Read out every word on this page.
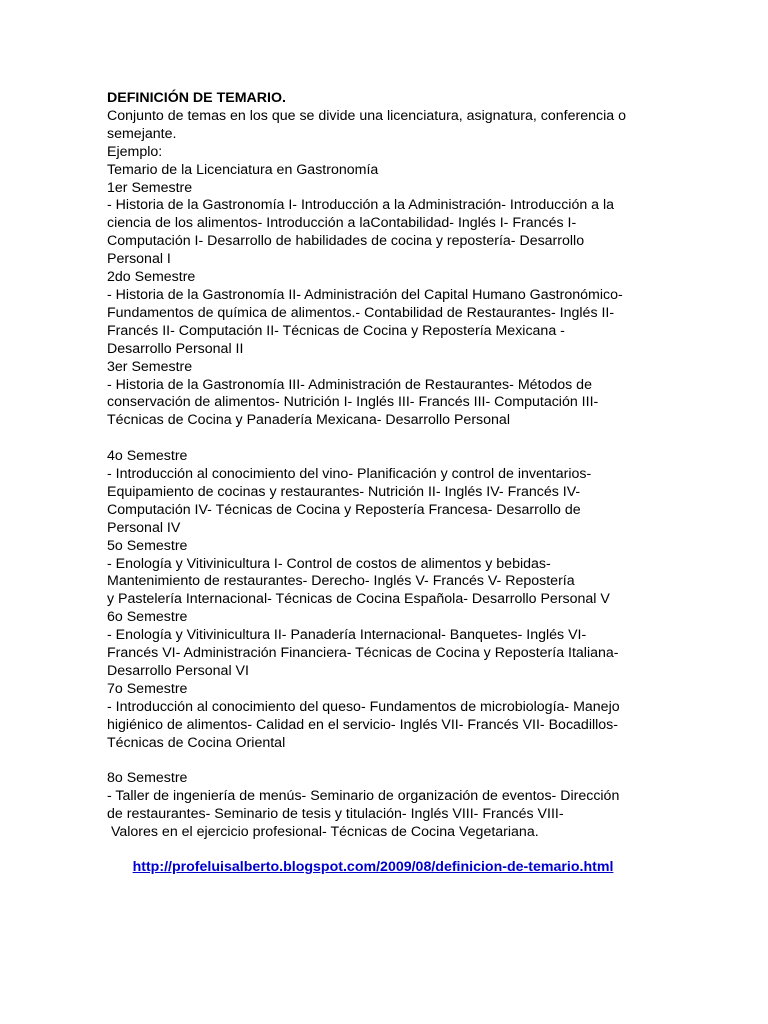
DEFINICIÓN DE TEMARIO.
Conjunto de temas en los que se divide una licenciatura, asignatura, conferencia o
semejante.
Ejemplo:
Temario de la Licenciatura en Gastronomía
1er Semestre
- Historia de la Gastronomía I- Introducción a la Administración- Introducción a la
ciencia de los alimentos- Introducción a laContabilidad- Inglés I- Francés I-
Computación I- Desarrollo de habilidades de cocina y repostería- Desarrollo
Personal I
2do Semestre
- Historia de la Gastronomía II- Administración del Capital Humano Gastronómico-
Fundamentos de química de alimentos.- Contabilidad de Restaurantes- Inglés II-
Francés II- Computación II- Técnicas de Cocina y Repostería Mexicana -
Desarrollo Personal II
3er Semestre
- Historia de la Gastronomía III- Administración de Restaurantes- Métodos de
conservación de alimentos- Nutrición I- Inglés III- Francés III- Computación III-
Técnicas de Cocina y Panadería Mexicana- Desarrollo Personal
4o Semestre
- Introducción al conocimiento del vino- Planificación y control de inventarios-
Equipamiento de cocinas y restaurantes- Nutrición II- Inglés IV- Francés IV-
Computación IV- Técnicas de Cocina y Repostería Francesa- Desarrollo de
Personal IV
5o Semestre
- Enología y Vitivinicultura I- Control de costos de alimentos y bebidas-
Mantenimiento de restaurantes- Derecho- Inglés V- Francés V- Repostería
y Pastelería Internacional- Técnicas de Cocina Española- Desarrollo Personal V
6o Semestre
- Enología y Vitivinicultura II- Panadería Internacional- Banquetes- Inglés VI-
Francés VI- Administración Financiera- Técnicas de Cocina y Repostería Italiana-
Desarrollo Personal VI
7o Semestre
- Introducción al conocimiento del queso- Fundamentos de microbiología- Manejo
higiénico de alimentos- Calidad en el servicio- Inglés VII- Francés VII- Bocadillos-
Técnicas de Cocina Oriental
8o Semestre
- Taller de ingeniería de menús- Seminario de organización de eventos- Dirección
de restaurantes- Seminario de tesis y titulación- Inglés VIII- Francés VIII-
Valores en el ejercicio profesional- Técnicas de Cocina Vegetariana.
http://profeluisalberto.blogspot.com/2009/08/definicion-de-temario.html
